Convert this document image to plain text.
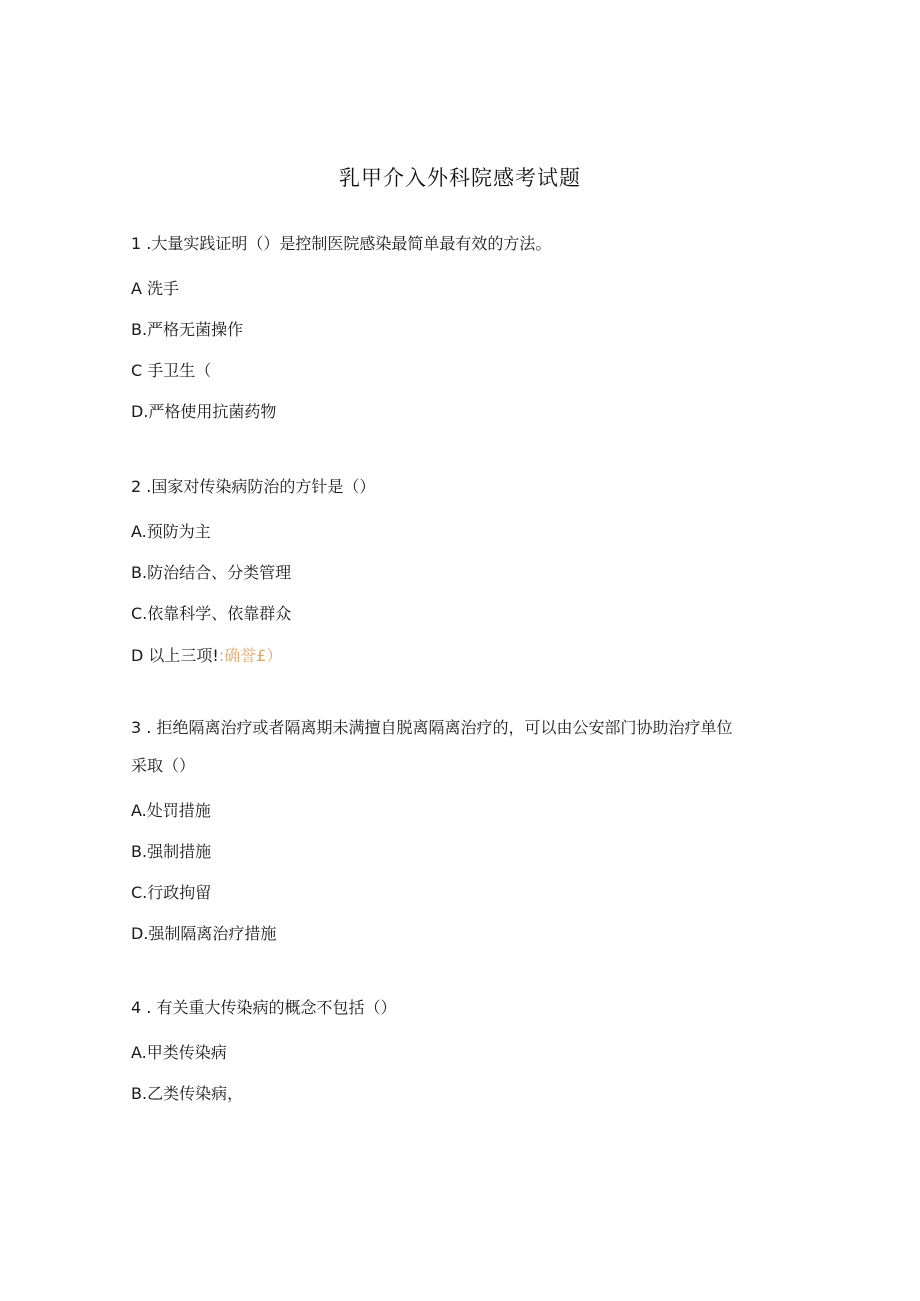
乳甲介入外科院感考试题
1 .大量实践证明（）是控制医院感染最简单最有效的方法。
A 洗手
B.严格无菌操作
C 手卫生（
D.严格使用抗菌药物
2 .国家对传染病防治的方针是（）
A.预防为主
B.防治结合、分类管理
C.依靠科学、依靠群众
D 以上三项!:确誉£）
3 . 拒绝隔离治疗或者隔离期未满擅自脱离隔离治疗的，可以由公安部门协助治疗单位
采取（）
A.处罚措施
B.强制措施
C.行政拘留
D.强制隔离治疗措施
4 . 有关重大传染病的概念不包括（）
A.甲类传染病
B.乙类传染病，
